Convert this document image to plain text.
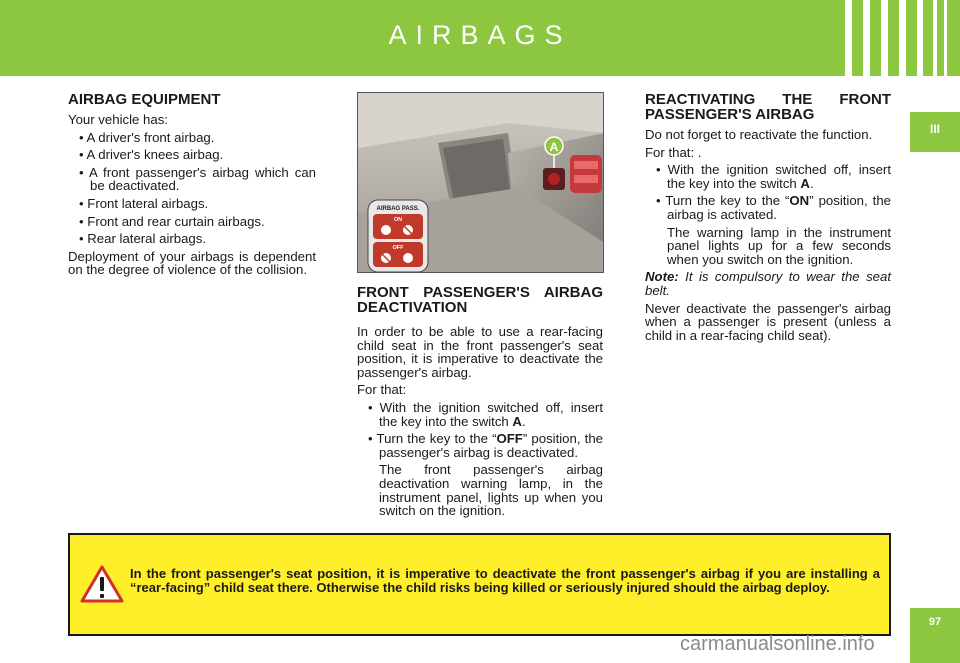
AIRBAGS
III
97
AIRBAG EQUIPMENT

Your vehicle has:

• A driver's front airbag.

• A driver's knees airbag.

• A front passenger's airbag which can be deactivated.

• Front lateral airbags.

• Front and rear curtain airbags.

• Rear lateral airbags.

Deployment of your airbags is dependent on the degree of violence of the collision.

A
AIRBAG PASS.
ON
OFF
FRONT PASSENGER'S AIRBAG DEACTIVATION

In order to be able to use a rear-facing child seat in the front passenger's seat position, it is imperative to deactivate the passenger's airbag.

For that:

• With the ignition switched off, insert the key into the switch A.

• Turn the key to the “OFF” position, the passenger's airbag is deactivated.

The front passenger's airbag deactivation warning lamp, in the instrument panel, lights up when you switch on the ignition.

REACTIVATING THE FRONT PASSENGER'S AIRBAG

Do not forget to reactivate the function.

For that: .

• With the ignition switched off, insert the key into the switch A.

• Turn the key to the “ON” position, the airbag is activated.

The warning lamp in the instrument panel lights up for a few seconds when you switch on the ignition.

Note: It is compulsory to wear the seat belt.

Never deactivate the passenger's airbag when a passenger is present (unless a child in a rear-facing child seat).

In the front passenger's seat position, it is imperative to deactivate the front passenger's airbag if you are installing a “rear-facing” child seat there. Otherwise the child risks being killed or seriously injured should the airbag deploy.

carmanualsonline.info
